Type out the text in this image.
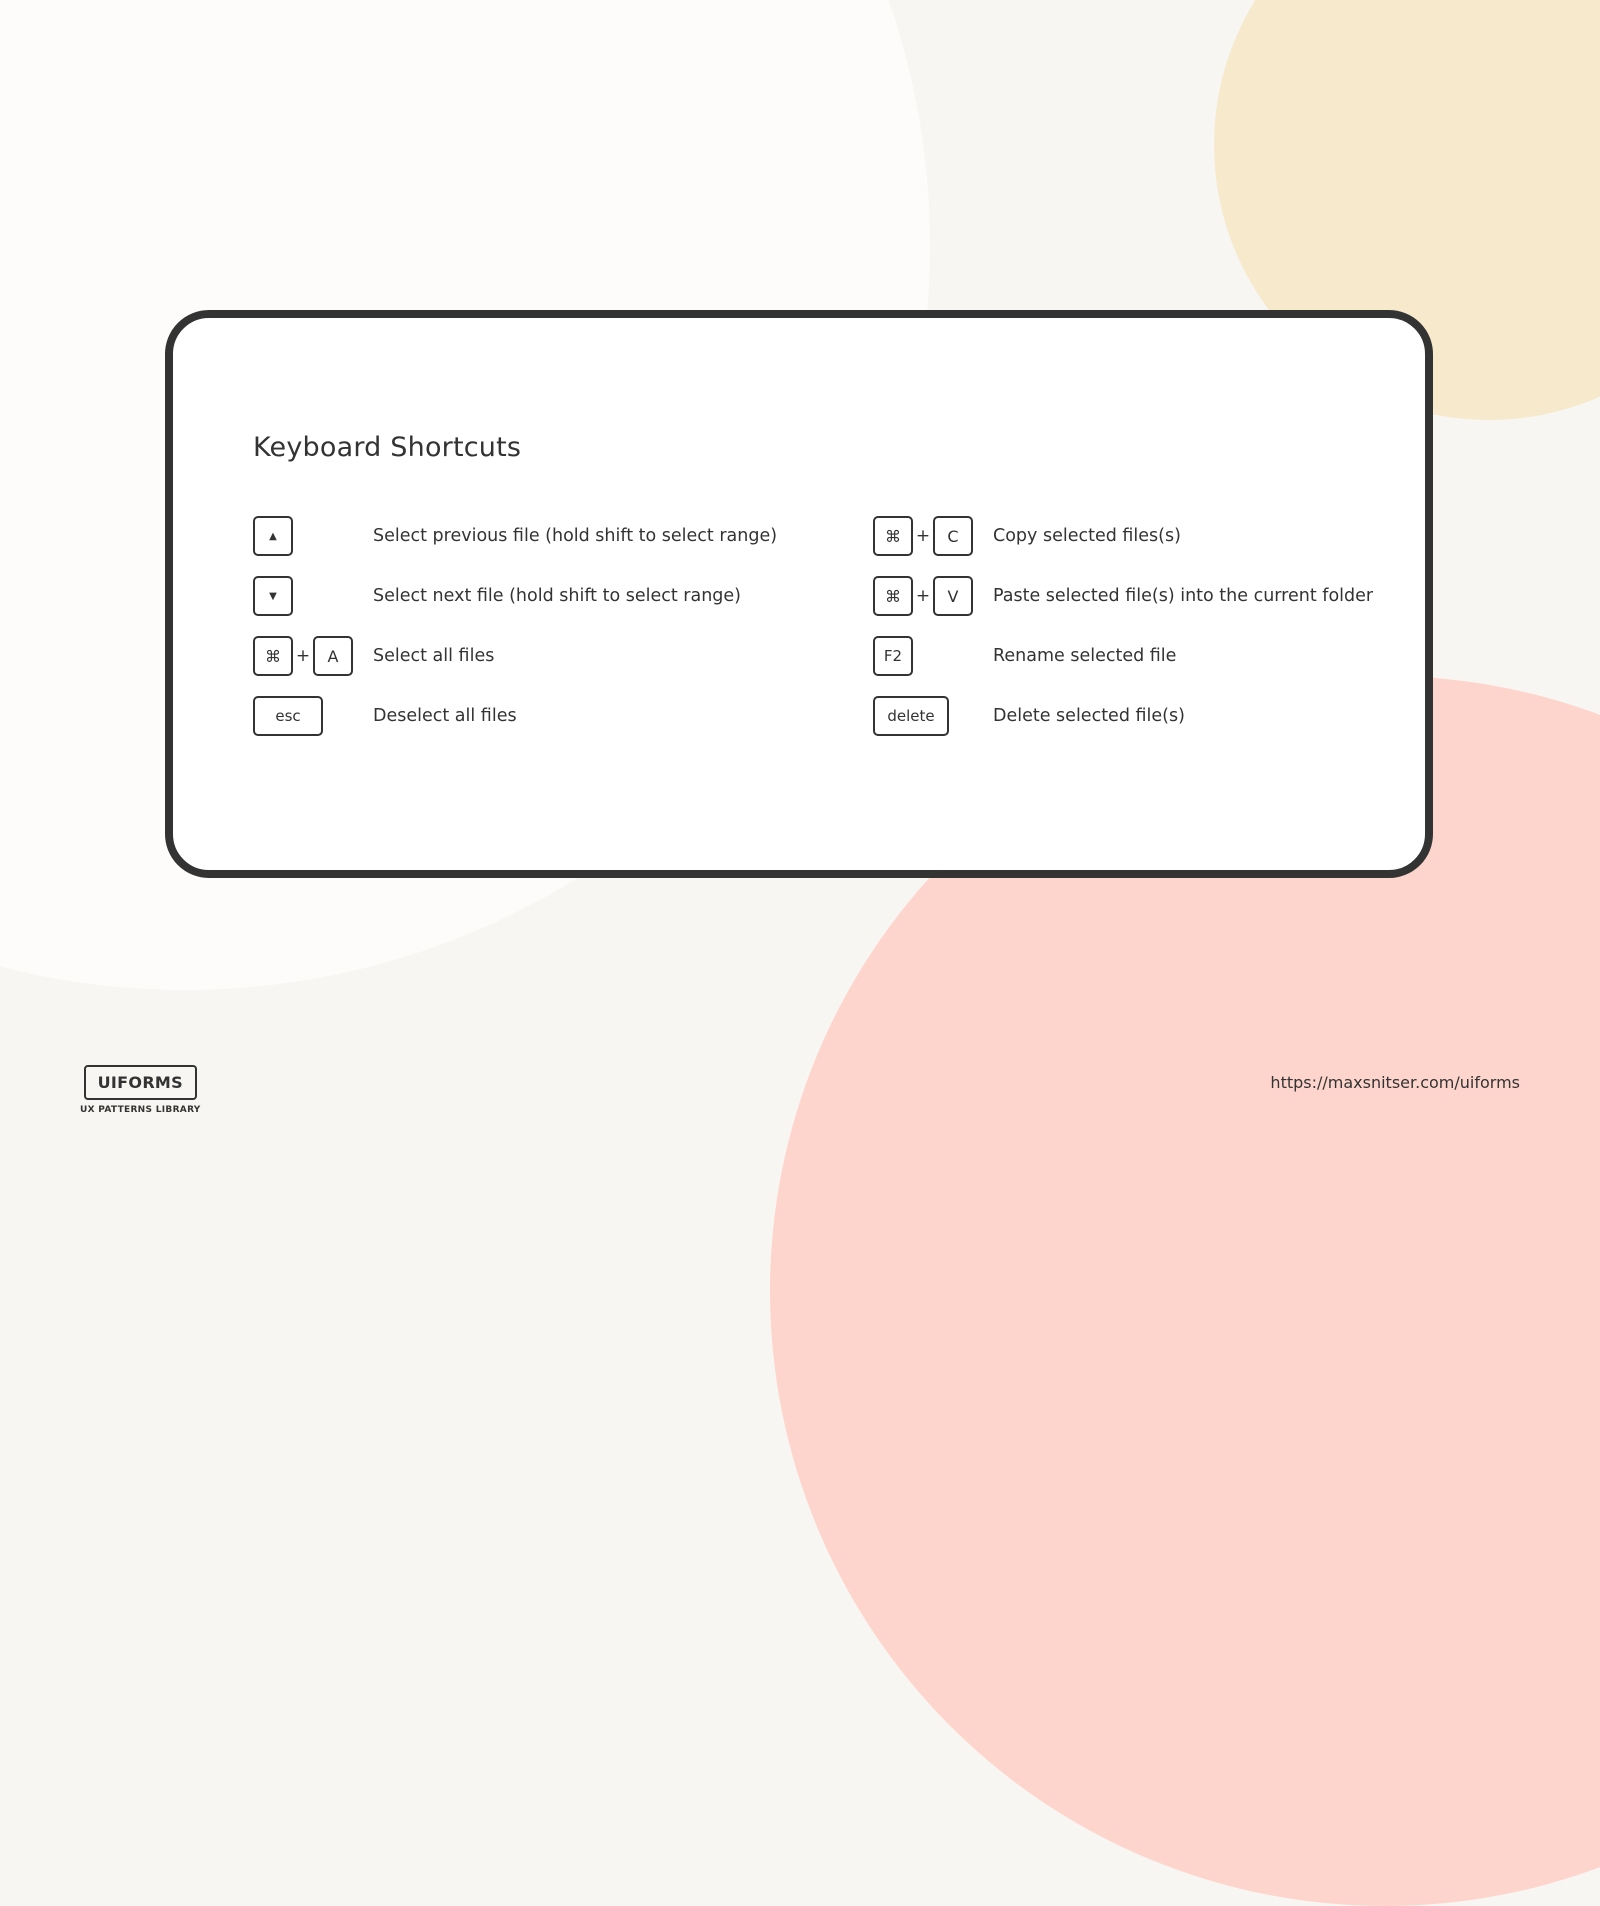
Keyboard Shortcuts
▲	Select previous file (hold shift to select range)
▼	Select next file (hold shift to select range)
⌘ +	A	Select all files
esc	Deselect all files
⌘ +	C	Copy selected files(s)
⌘ +	V	Paste selected file(s) into the current folder
F2	Rename selected file
delete	Delete selected file(s)
UIFORMS
UX PATTERNS LIBRARY
https://maxsnitser.com/uiforms
